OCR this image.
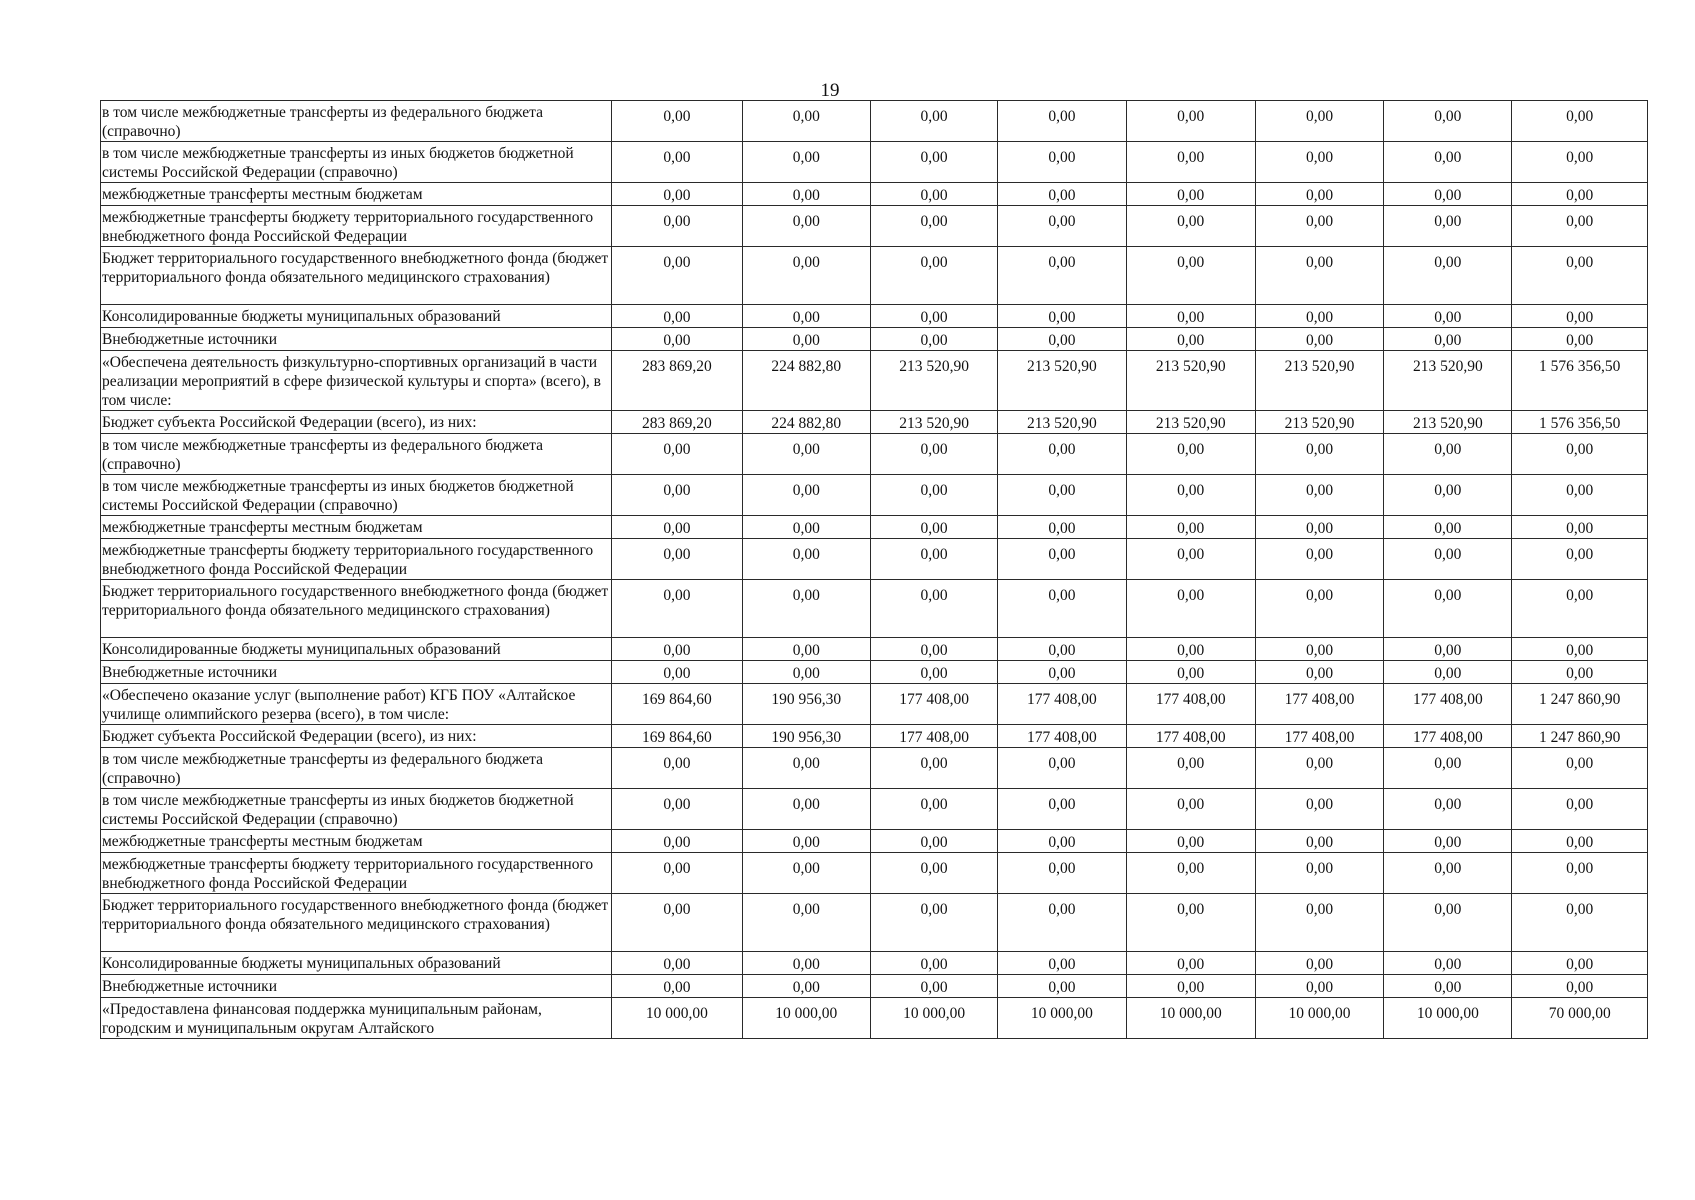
19
в том числе межбюджетные трансферты из федерального бюджета (справочно)	0,00	0,00	0,00	0,00	0,00	0,00	0,00	0,00
в том числе межбюджетные трансферты из иных бюджетов бюджетной системы Российской Федерации (справочно)	0,00	0,00	0,00	0,00	0,00	0,00	0,00	0,00
межбюджетные трансферты местным бюджетам	0,00	0,00	0,00	0,00	0,00	0,00	0,00	0,00
межбюджетные трансферты бюджету территориального государственного внебюджетного фонда Российской Федерации	0,00	0,00	0,00	0,00	0,00	0,00	0,00	0,00
Бюджет территориального государственного внебюджетного фонда (бюджет территориального фонда обязательного медицинского страхования)	0,00	0,00	0,00	0,00	0,00	0,00	0,00	0,00
Консолидированные бюджеты муниципальных образований	0,00	0,00	0,00	0,00	0,00	0,00	0,00	0,00
Внебюджетные источники	0,00	0,00	0,00	0,00	0,00	0,00	0,00	0,00
«Обеспечена деятельность физкультурно-спортивных организаций в части реализации мероприятий в сфере физической культуры и спорта» (всего), в том числе:	283 869,20	224 882,80	213 520,90	213 520,90	213 520,90	213 520,90	213 520,90	1 576 356,50
Бюджет субъекта Российской Федерации (всего), из них:	283 869,20	224 882,80	213 520,90	213 520,90	213 520,90	213 520,90	213 520,90	1 576 356,50
в том числе межбюджетные трансферты из федерального бюджета (справочно)	0,00	0,00	0,00	0,00	0,00	0,00	0,00	0,00
в том числе межбюджетные трансферты из иных бюджетов бюджетной системы Российской Федерации (справочно)	0,00	0,00	0,00	0,00	0,00	0,00	0,00	0,00
межбюджетные трансферты местным бюджетам	0,00	0,00	0,00	0,00	0,00	0,00	0,00	0,00
межбюджетные трансферты бюджету территориального государственного внебюджетного фонда Российской Федерации	0,00	0,00	0,00	0,00	0,00	0,00	0,00	0,00
Бюджет территориального государственного внебюджетного фонда (бюджет территориального фонда обязательного медицинского страхования)	0,00	0,00	0,00	0,00	0,00	0,00	0,00	0,00
Консолидированные бюджеты муниципальных образований	0,00	0,00	0,00	0,00	0,00	0,00	0,00	0,00
Внебюджетные источники	0,00	0,00	0,00	0,00	0,00	0,00	0,00	0,00
«Обеспечено оказание услуг (выполнение работ) КГБ ПОУ «Алтайское училище олимпийского резерва (всего), в том числе:	169 864,60	190 956,30	177 408,00	177 408,00	177 408,00	177 408,00	177 408,00	1 247 860,90
Бюджет субъекта Российской Федерации (всего), из них:	169 864,60	190 956,30	177 408,00	177 408,00	177 408,00	177 408,00	177 408,00	1 247 860,90
в том числе межбюджетные трансферты из федерального бюджета (справочно)	0,00	0,00	0,00	0,00	0,00	0,00	0,00	0,00
в том числе межбюджетные трансферты из иных бюджетов бюджетной системы Российской Федерации (справочно)	0,00	0,00	0,00	0,00	0,00	0,00	0,00	0,00
межбюджетные трансферты местным бюджетам	0,00	0,00	0,00	0,00	0,00	0,00	0,00	0,00
межбюджетные трансферты бюджету территориального государственного внебюджетного фонда Российской Федерации	0,00	0,00	0,00	0,00	0,00	0,00	0,00	0,00
Бюджет территориального государственного внебюджетного фонда (бюджет территориального фонда обязательного медицинского страхования)	0,00	0,00	0,00	0,00	0,00	0,00	0,00	0,00
Консолидированные бюджеты муниципальных образований	0,00	0,00	0,00	0,00	0,00	0,00	0,00	0,00
Внебюджетные источники	0,00	0,00	0,00	0,00	0,00	0,00	0,00	0,00
«Предоставлена финансовая поддержка муниципальным районам, городским и муниципальным округам Алтайского	10 000,00	10 000,00	10 000,00	10 000,00	10 000,00	10 000,00	10 000,00	70 000,00
